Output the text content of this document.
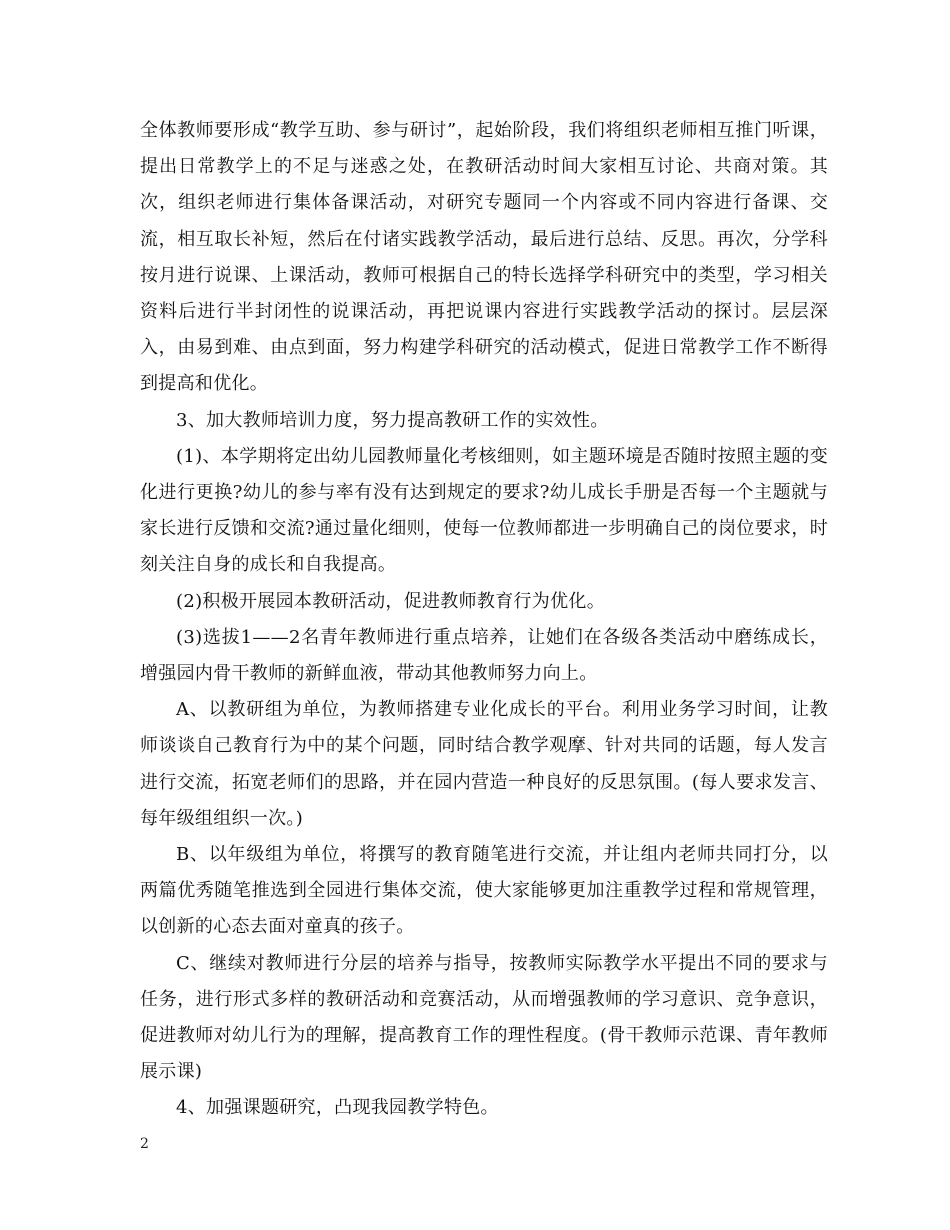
全体教师要形成“教学互助、参与研讨”，起始阶段，我们将组织老师相互推门听课，提出日常教学上的不足与迷惑之处，在教研活动时间大家相互讨论、共商对策。其次，组织老师进行集体备课活动，对研究专题同一个内容或不同内容进行备课、交流，相互取长补短，然后在付诸实践教学活动，最后进行总结、反思。再次，分学科按月进行说课、上课活动，教师可根据自己的特长选择学科研究中的类型，学习相关资料后进行半封闭性的说课活动，再把说课内容进行实践教学活动的探讨。层层深入，由易到难、由点到面，努力构建学科研究的活动模式，促进日常教学工作不断得到提高和优化。

3、加大教师培训力度，努力提高教研工作的实效性。

(1)、本学期将定出幼儿园教师量化考核细则，如主题环境是否随时按照主题的变化进行更换?幼儿的参与率有没有达到规定的要求?幼儿成长手册是否每一个主题就与家长进行反馈和交流?通过量化细则，使每一位教师都进一步明确自己的岗位要求，时刻关注自身的成长和自我提高。

(2)积极开展园本教研活动，促进教师教育行为优化。

(3)选拔1——2名青年教师进行重点培养，让她们在各级各类活动中磨练成长，增强园内骨干教师的新鲜血液，带动其他教师努力向上。

A、以教研组为单位，为教师搭建专业化成长的平台。利用业务学习时间，让教师谈谈自己教育行为中的某个问题，同时结合教学观摩、针对共同的话题，每人发言进行交流，拓宽老师们的思路，并在园内营造一种良好的反思氛围。(每人要求发言、每年级组组织一次。)

B、以年级组为单位，将撰写的教育随笔进行交流，并让组内老师共同打分，以两篇优秀随笔推选到全园进行集体交流，使大家能够更加注重教学过程和常规管理，以创新的心态去面对童真的孩子。

C、继续对教师进行分层的培养与指导，按教师实际教学水平提出不同的要求与任务，进行形式多样的教研活动和竞赛活动，从而增强教师的学习意识、竞争意识，促进教师对幼儿行为的理解，提高教育工作的理性程度。(骨干教师示范课、青年教师展示课)

4、加强课题研究，凸现我园教学特色。

2
